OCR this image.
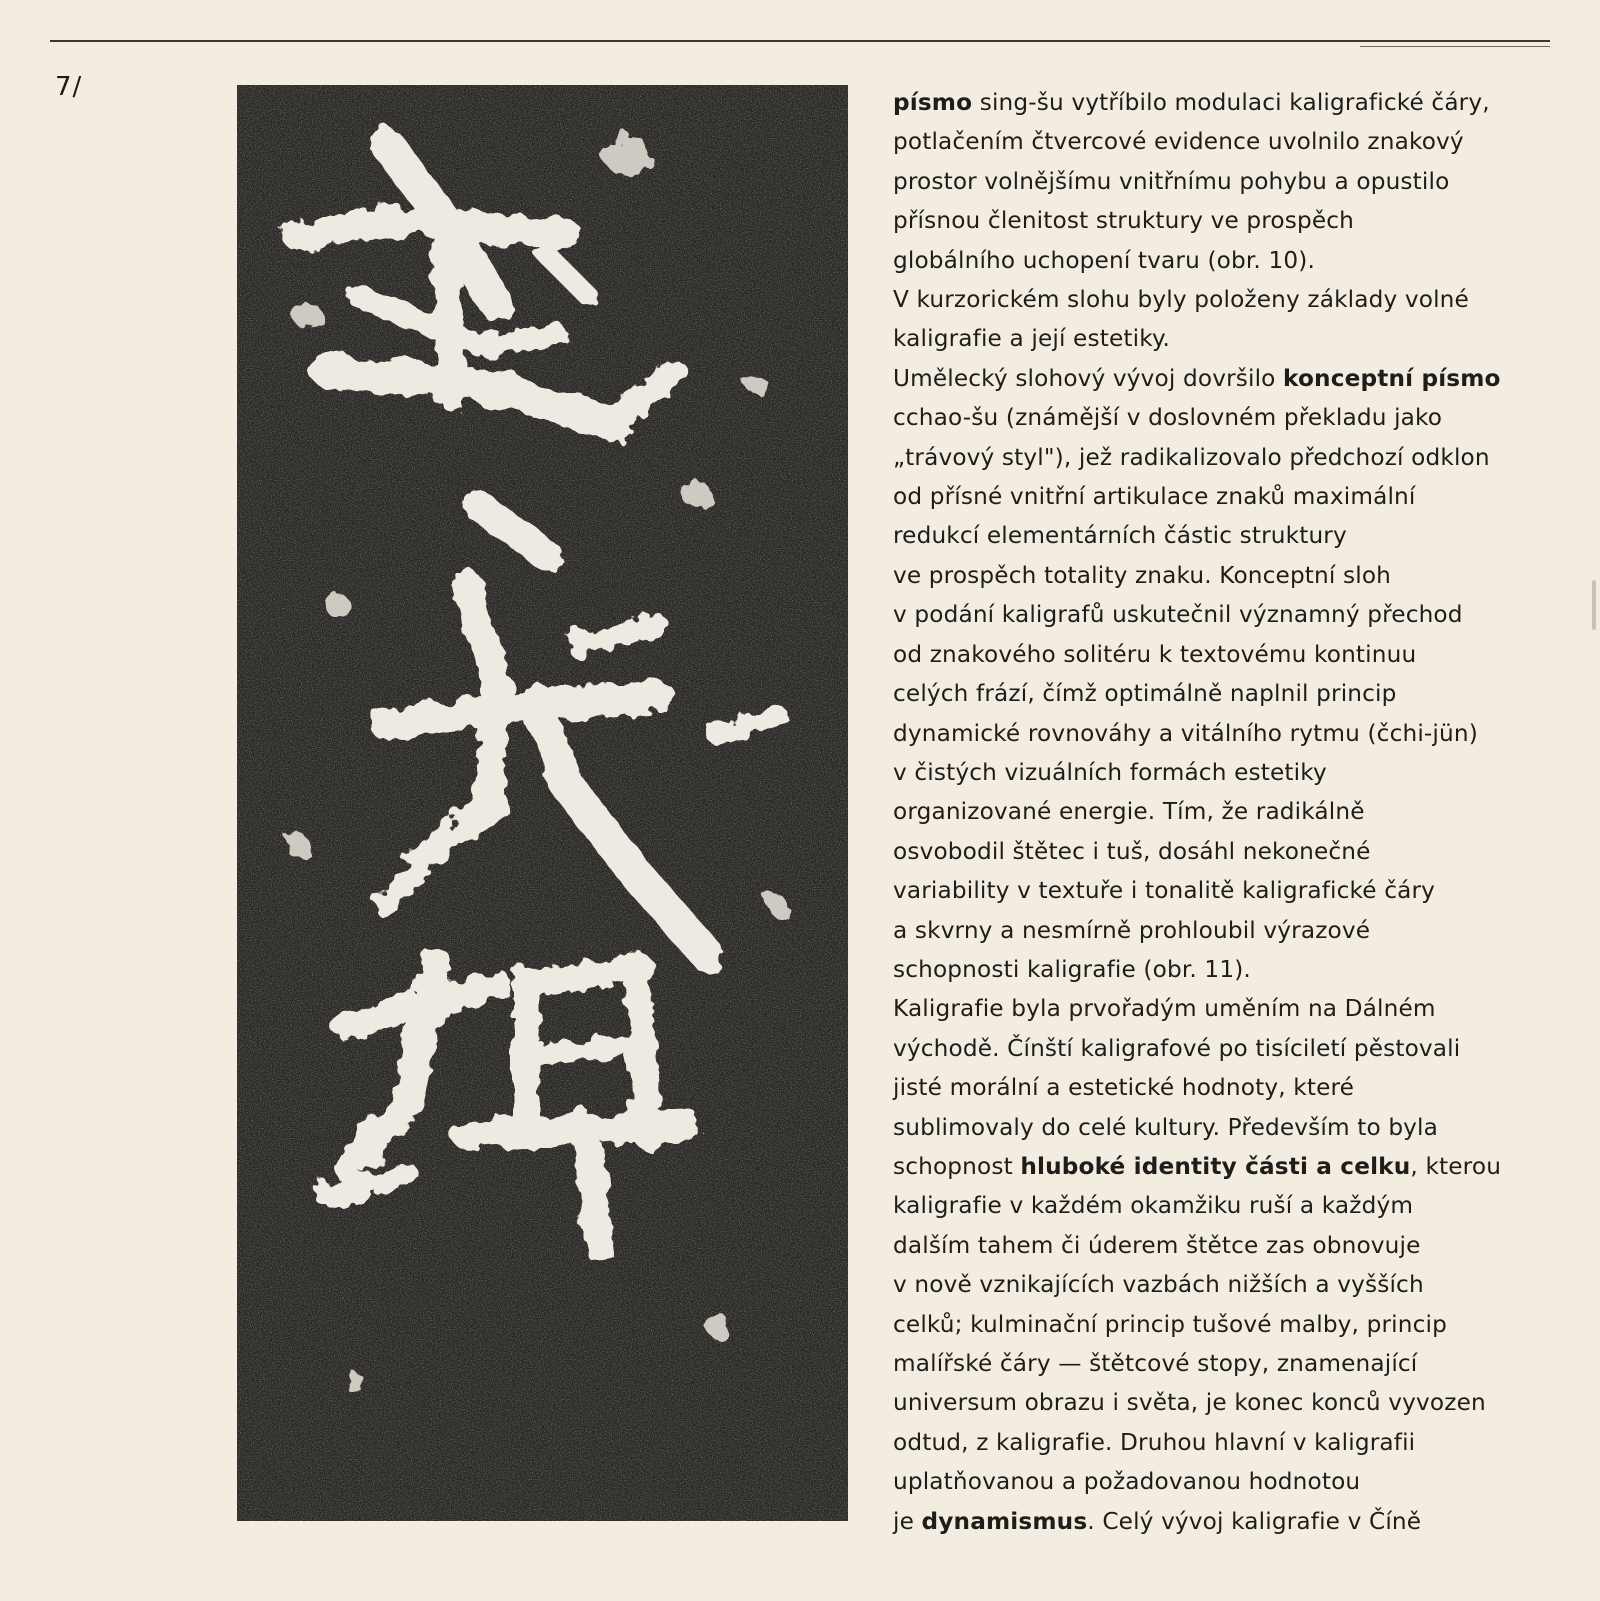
7/
písmo sing-šu vytříbilo modulaci kaligrafické čáry,
potlačením čtvercové evidence uvolnilo znakový
prostor volnějšímu vnitřnímu pohybu a opustilo
přísnou členitost struktury ve prospěch
globálního uchopení tvaru (obr. 10).
V kurzorickém slohu byly položeny základy volné
kaligrafie a její estetiky.
Umělecký slohový vývoj dovršilo konceptní písmo
cchao-šu (známější v doslovném překladu jako
„trávový styl"), jež radikalizovalo předchozí odklon
od přísné vnitřní artikulace znaků maximální
redukcí elementárních částic struktury
ve prospěch totality znaku. Konceptní sloh
v podání kaligrafů uskutečnil významný přechod
od znakového solitéru k textovému kontinuu
celých frází, čímž optimálně naplnil princip
dynamické rovnováhy a vitálního rytmu (čchi-jün)
v čistých vizuálních formách estetiky
organizované energie. Tím, že radikálně
osvobodil štětec i tuš, dosáhl nekonečné
variability v textuře i tonalitě kaligrafické čáry
a skvrny a nesmírně prohloubil výrazové
schopnosti kaligrafie (obr. 11).
Kaligrafie byla prvořadým uměním na Dálném
východě. Čínští kaligrafové po tisíciletí pěstovali
jisté morální a estetické hodnoty, které
sublimovaly do celé kultury. Především to byla
schopnost hluboké identity části a celku, kterou
kaligrafie v každém okamžiku ruší a každým
dalším tahem či úderem štětce zas obnovuje
v nově vznikajících vazbách nižších a vyšších
celků; kulminační princip tušové malby, princip
malířské čáry — štětcové stopy, znamenající
universum obrazu i světa, je konec konců vyvozen
odtud, z kaligrafie. Druhou hlavní v kaligrafii
uplatňovanou a požadovanou hodnotou
je dynamismus. Celý vývoj kaligrafie v Číně
